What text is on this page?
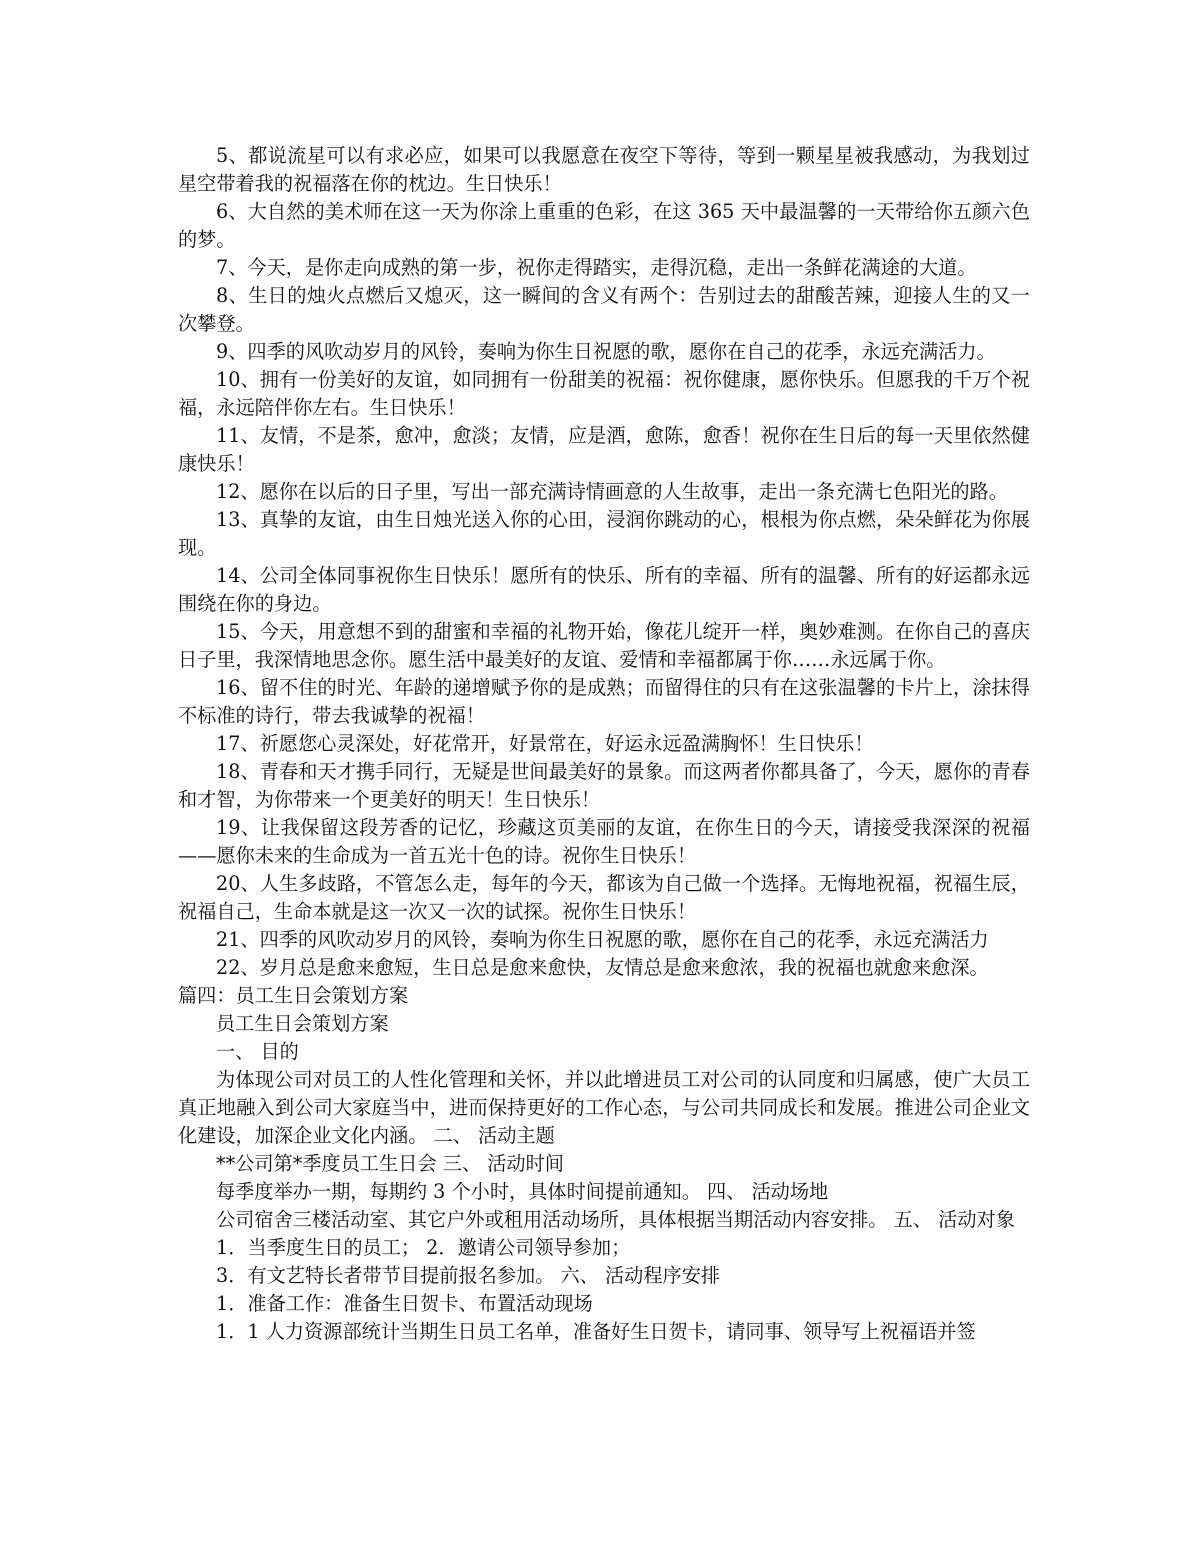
5、都说流星可以有求必应，如果可以我愿意在夜空下等待，等到一颗星星被我感动，为我划过星空带着我的祝福落在你的枕边。生日快乐！

6、大自然的美术师在这一天为你涂上重重的色彩，在这 365 天中最温馨的一天带给你五颜六色的梦。

7、今天，是你走向成熟的第一步，祝你走得踏实，走得沉稳，走出一条鲜花满途的大道。

8、生日的烛火点燃后又熄灭，这一瞬间的含义有两个：告别过去的甜酸苦辣，迎接人生的又一次攀登。

9、四季的风吹动岁月的风铃，奏响为你生日祝愿的歌，愿你在自己的花季，永远充满活力。

10、拥有一份美好的友谊，如同拥有一份甜美的祝福：祝你健康，愿你快乐。但愿我的千万个祝福，永远陪伴你左右。生日快乐！

11、友情，不是茶，愈冲，愈淡；友情，应是酒，愈陈，愈香！祝你在生日后的每一天里依然健康快乐！

12、愿你在以后的日子里，写出一部充满诗情画意的人生故事，走出一条充满七色阳光的路。

13、真挚的友谊，由生日烛光送入你的心田，浸润你跳动的心，根根为你点燃，朵朵鲜花为你展现。

14、公司全体同事祝你生日快乐！愿所有的快乐、所有的幸福、所有的温馨、所有的好运都永远围绕在你的身边。

15、今天，用意想不到的甜蜜和幸福的礼物开始，像花儿绽开一样，奥妙难测。在你自己的喜庆日子里，我深情地思念你。愿生活中最美好的友谊、爱情和幸福都属于你……永远属于你。

16、留不住的时光、年龄的递增赋予你的是成熟；而留得住的只有在这张温馨的卡片上，涂抹得不标准的诗行，带去我诚挚的祝福！

17、祈愿您心灵深处，好花常开，好景常在，好运永远盈满胸怀！生日快乐！

18、青春和天才携手同行，无疑是世间最美好的景象。而这两者你都具备了，今天，愿你的青春和才智，为你带来一个更美好的明天！生日快乐！

19、让我保留这段芳香的记忆，珍藏这页美丽的友谊，在你生日的今天，请接受我深深的祝福——愿你未来的生命成为一首五光十色的诗。祝你生日快乐！

20、人生多歧路，不管怎么走，每年的今天，都该为自己做一个选择。无悔地祝福，祝福生辰，祝福自己，生命本就是这一次又一次的试探。祝你生日快乐！

21、四季的风吹动岁月的风铃，奏响为你生日祝愿的歌，愿你在自己的花季，永远充满活力

22、岁月总是愈来愈短，生日总是愈来愈快，友情总是愈来愈浓，我的祝福也就愈来愈深。

篇四：员工生日会策划方案

员工生日会策划方案

一、 目的

为体现公司对员工的人性化管理和关怀，并以此增进员工对公司的认同度和归属感，使广大员工真正地融入到公司大家庭当中，进而保持更好的工作心态，与公司共同成长和发展。推进公司企业文化建设，加深企业文化内涵。 二、 活动主题

**公司第*季度员工生日会 三、 活动时间

每季度举办一期，每期约 3 个小时，具体时间提前通知。 四、 活动场地

公司宿舍三楼活动室、其它户外或租用活动场所，具体根据当期活动内容安排。 五、 活动对象

1．当季度生日的员工； 2．邀请公司领导参加；

3．有文艺特长者带节目提前报名参加。 六、 活动程序安排

1．准备工作：准备生日贺卡、布置活动现场

1．1 人力资源部统计当期生日员工名单，准备好生日贺卡，请同事、领导写上祝福语并签
